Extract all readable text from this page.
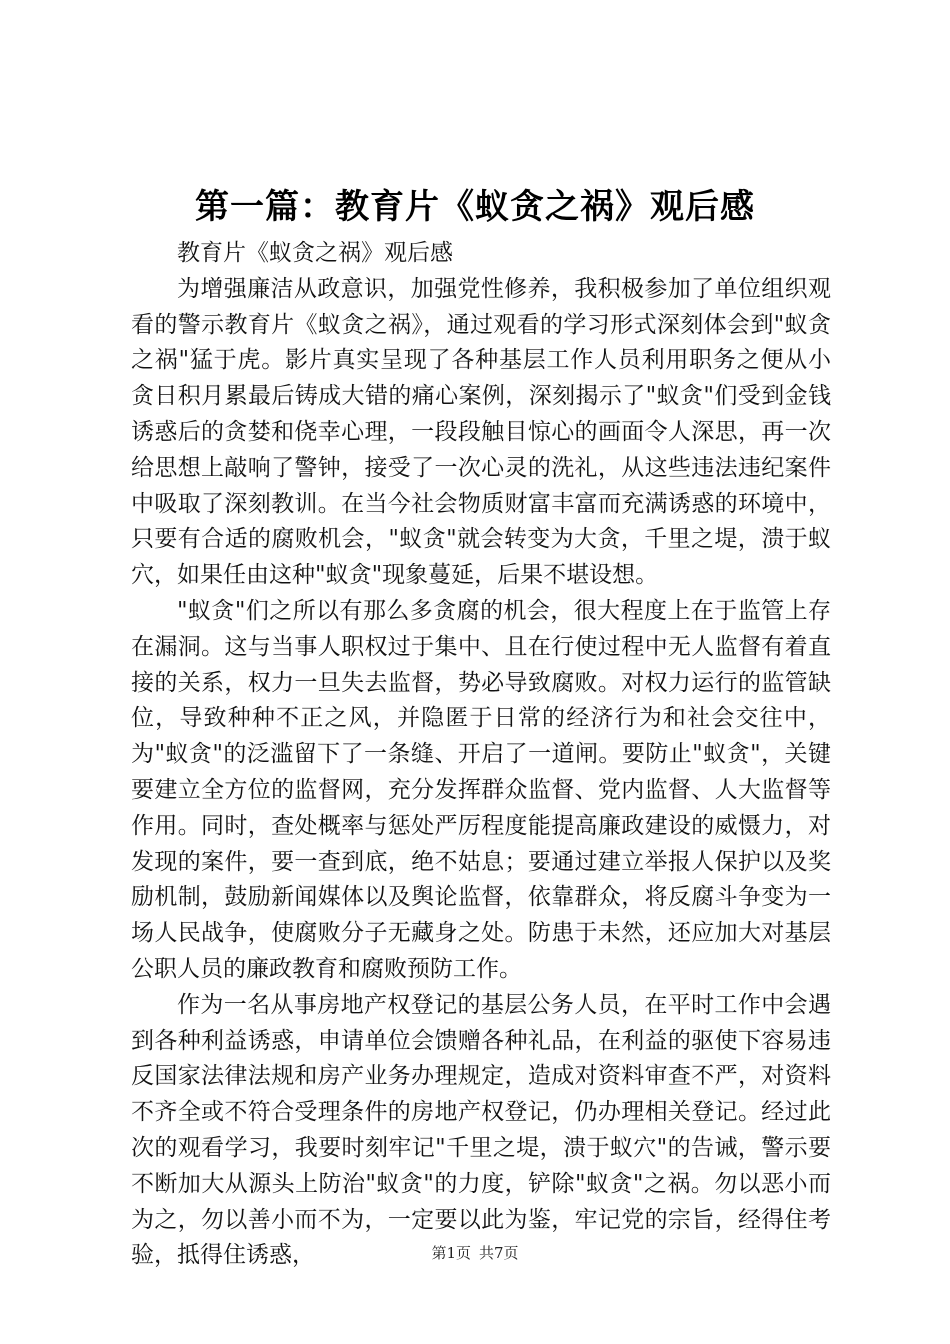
第一篇：教育片《蚁贪之祸》观后感

教育片《蚁贪之祸》观后感

为增强廉洁从政意识，加强党性修养，我积极参加了单位组织观看的警示教育片《蚁贪之祸》，通过观看的学习形式深刻体会到"蚁贪之祸"猛于虎。影片真实呈现了各种基层工作人员利用职务之便从小贪日积月累最后铸成大错的痛心案例，深刻揭示了"蚁贪"们受到金钱诱惑后的贪婪和侥幸心理，一段段触目惊心的画面令人深思，再一次给思想上敲响了警钟，接受了一次心灵的洗礼，从这些违法违纪案件中吸取了深刻教训。在当今社会物质财富丰富而充满诱惑的环境中，只要有合适的腐败机会，"蚁贪"就会转变为大贪，千里之堤，溃于蚁穴，如果任由这种"蚁贪"现象蔓延，后果不堪设想。

"蚁贪"们之所以有那么多贪腐的机会，很大程度上在于监管上存在漏洞。这与当事人职权过于集中、且在行使过程中无人监督有着直接的关系，权力一旦失去监督，势必导致腐败。对权力运行的监管缺位，导致种种不正之风，并隐匿于日常的经济行为和社会交往中，为"蚁贪"的泛滥留下了一条缝、开启了一道闸。要防止"蚁贪"，关键要建立全方位的监督网，充分发挥群众监督、党内监督、人大监督等作用。同时，查处概率与惩处严厉程度能提高廉政建设的威慑力，对发现的案件，要一查到底，绝不姑息；要通过建立举报人保护以及奖励机制，鼓励新闻媒体以及舆论监督，依靠群众，将反腐斗争变为一场人民战争，使腐败分子无藏身之处。防患于未然，还应加大对基层公职人员的廉政教育和腐败预防工作。

作为一名从事房地产权登记的基层公务人员，在平时工作中会遇到各种利益诱惑，申请单位会馈赠各种礼品，在利益的驱使下容易违反国家法律法规和房产业务办理规定，造成对资料审查不严，对资料不齐全或不符合受理条件的房地产权登记，仍办理相关登记。经过此次的观看学习，我要时刻牢记"千里之堤，溃于蚁穴"的告诫，警示要不断加大从源头上防治"蚁贪"的力度，铲除"蚁贪"之祸。勿以恶小而为之，勿以善小而不为，一定要以此为鉴，牢记党的宗旨，经得住考验，抵得住诱惑，	第1页 共7页
